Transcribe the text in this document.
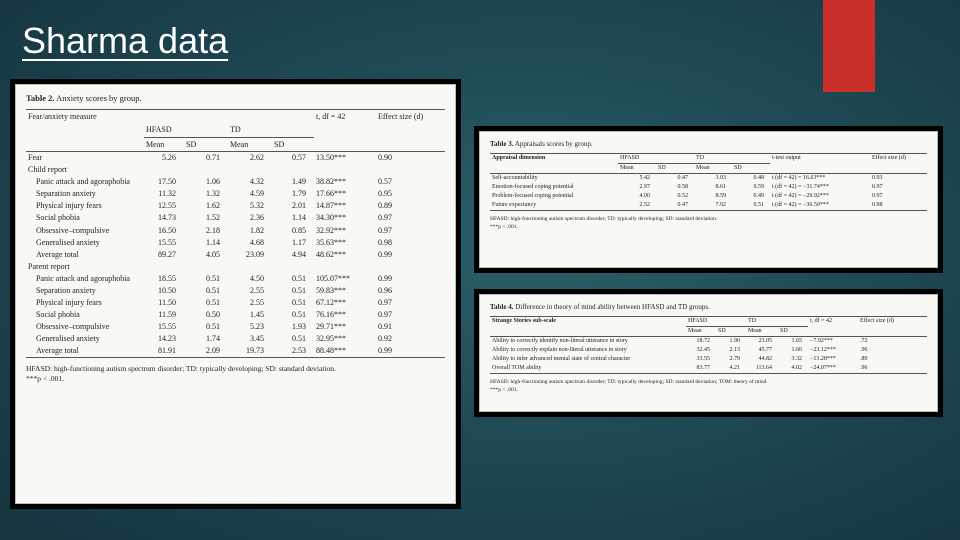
Sharma data
Table 2. Anxiety scores by group.
Fear/anxiety measure					t, df = 42	Effect size (d)
	HFASD		TD			
	Mean	SD	Mean	SD		
Fear	5.26	0.71	2.62	0.57	13.50***	0.90
Child report						
Panic attack and agoraphobia	17.50	1.06	4.32	1.49	38.82***	0.57
Separation anxiety	11.32	1.32	4.59	1.79	17.66***	0.95
Physical injury fears	12.55	1.62	5.32	2.01	14.87***	0.89
Social phobia	14.73	1.52	2.36	1.14	34.30***	0.97
Obsessive–compulsive	16.50	2.18	1.82	0.85	32.92***	0.97
Generalised anxiety	15.55	1.14	4.68	1.17	35.63***	0.98
Average total	89.27	4.05	23.09	4.94	48.62***	0.99
Parent report						
Panic attack and agoraphobia	18.55	0.51	4.50	0.51	105.07***	0.99
Separation anxiety	10.50	0.51	2.55	0.51	59.83***	0.96
Physical injury fears	11.50	0.51	2.55	0.51	67.12***	0.97
Social phobia	11.59	0.50	1.45	0.51	76.16***	0.97
Obsessive–compulsive	15.55	0.51	5.23	1.93	29.71***	0.91
Generalised anxiety	14.23	1.74	3.45	0.51	32.95***	0.92
Average total	81.91	2.09	19.73	2.53	88.48***	0.99
HFASD: high-functioning autism spectrum disorder; TD: typically developing; SD: standard deviation.
***p < .001.
Table 3. Appraisals scores by group.
Appraisal dimension	HFASD		TD		t-test output	Effect size (d)
	Mean	SD	Mean	SD		
Self-accountability	5.42	0.47	3.03	0.48	t (df = 42) = 16.63***	0.93
Emotion-focused coping potential	2.97	0.58	8.61	0.59	t (df = 42) = −31.74***	0.97
Problem-focused coping potential	4.00	0.52	8.59	0.49	t (df = 42) = −29.92***	0.97
Future expectancy	2.52	0.47	7.92	0.51	t (df = 42) = −36.50***	0.98
HFASD: high-functioning autism spectrum disorder; TD: typically developing; SD: standard deviation.
***p < .001.
Table 4. Difference in theory of mind ability between HFASD and TD groups.
Strange Stories sub-scale	HFASD		TD		t, df = 42	Effect size (d)
	Mean	SD	Mean	SD		
Ability to correctly identify non-literal utterance in story	18.72	1.90	23.05	1.65	−7.92***	.72
Ability to correctly explain non-literal utterance in story	32.45	2.13	45.77	1.66	−23.12***	.96
Ability to infer advanced mental state of central character	33.55	2.79	44.82	3.32	−13.28***	.89
Overall TOM ability	83.77	4.21	113.64	4.02	−24.07***	.96
HFASD: high-functioning autism spectrum disorder; TD: typically developing; SD: standard deviation; TOM: theory of mind.
***p < .001.
